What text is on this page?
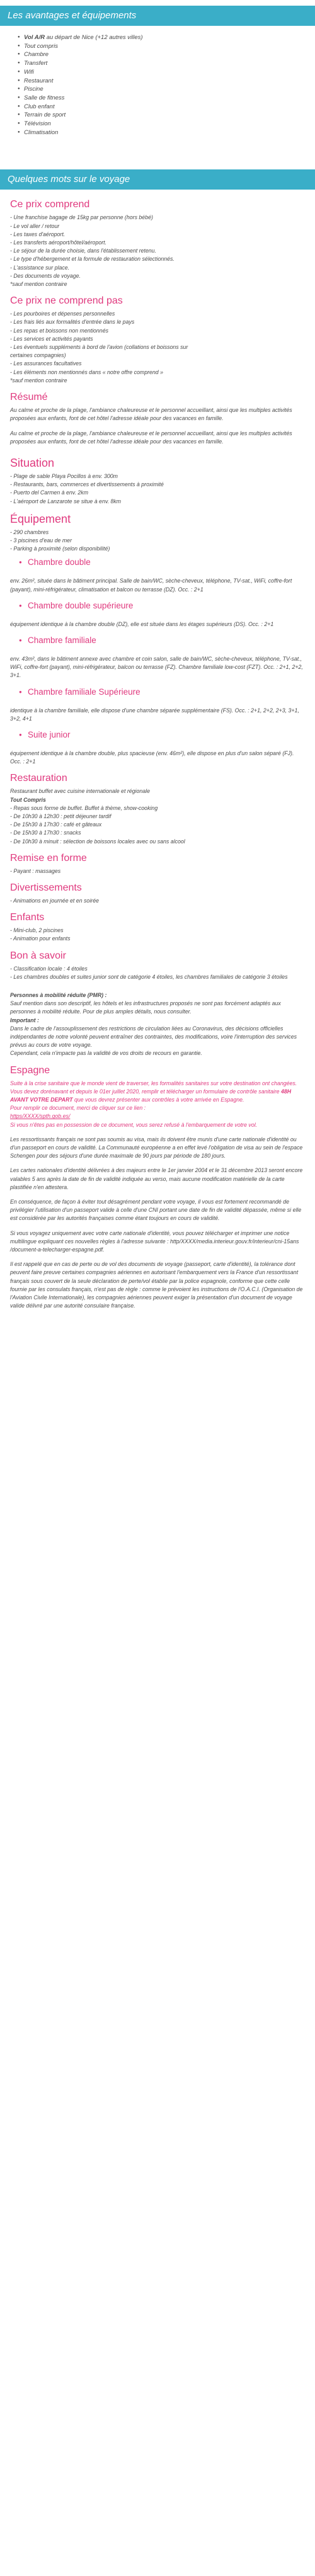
Les avantages et équipements
● Vol A/R au départ de Nice (+12 autres villes)
● Tout compris
● Chambre
● Transfert
● Wifi
● Restaurant
● Piscine
● Salle de fitness
● Club enfant
● Terrain de sport
● Télévision
● Climatisation
Quelques mots sur le voyage
Ce prix comprend
- Une franchise bagage de 15kg par personne (hors bébé)
- Le vol aller / retour
- Les taxes d'aéroport.
- Les transferts aéroport/hôtel/aéroport.
- Le séjour de la durée choisie, dans l'établissement retenu.
- Le type d'hébergement et la formule de restauration sélectionnés.
- L'assistance sur place.
- Des documents de voyage.
*sauf mention contraire
Ce prix ne comprend pas
- Les pourboires et dépenses personnelles
- Les frais liés aux formalités d'entrée dans le pays
- Les repas et boissons non mentionnés
- Les services et activités payants
- Les éventuels suppléments à bord de l'avion (collations et boissons sur
certaines compagnies)
- Les assurances facultatives
- Les éléments non mentionnés dans « notre offre comprend »
*sauf mention contraire
Résumé
Au calme et proche de la plage, l'ambiance chaleureuse et le personnel accueillant, ainsi que les multiples activités proposées aux enfants, font de cet hôtel l'adresse idéale pour des vacances en famille.
Au calme et proche de la plage, l'ambiance chaleureuse et le personnel accueillant, ainsi que les multiples activités proposées aux enfants, font de cet hôtel l'adresse idéale pour des vacances en famille.
Situation
- Plage de sable Playa Pocillos à env. 300m
- Restaurants, bars, commerces et divertissements à proximité
- Puerto del Carmen à env. 2km
- L'aéroport de Lanzarote se situe à env. 8km
Équipement
- 290 chambres
- 3 piscines d'eau de mer
- Parking à proximité (selon disponibilité)
● Chambre double
env. 26m², située dans le bâtiment principal. Salle de bain/WC, sèche-cheveux, téléphone, TV-sat., WiFi, coffre-fort (payant), mini-réfrigérateur, climatisation et balcon ou terrasse (DZ). Occ. : 2+1
● Chambre double supérieure
équipement identique à la chambre double (DZ), elle est située dans les étages supérieurs (DS). Occ. : 2+1
● Chambre familiale
env. 43m², dans le bâtiment annexe avec chambre et coin salon, salle de bain/WC, sèche-cheveux, téléphone, TV-sat., WiFi, coffre-fort (payant), mini-réfrigérateur, balcon ou terrasse (FZ). Chambre familiale low-cost (FZT). Occ. : 2+1, 2+2, 3+1.
● Chambre familiale Supérieure
identique à la chambre familiale, elle dispose d'une chambre séparée supplémentaire (FS). Occ. : 2+1, 2+2, 2+3, 3+1, 3+2, 4+1
● Suite junior
équipement identique à la chambre double, plus spacieuse (env. 46m²), elle dispose en plus d'un salon séparé (FJ). Occ. : 2+1
Restauration
Restaurant buffet avec cuisine internationale et régionale
Tout Compris
- Repas sous forme de buffet. Buffet à thème, show-cooking
- De 10h30 à 12h30 : petit déjeuner tardif
- De 15h30 à 17h30 : café et gâteaux
- De 15h30 à 17h30 : snacks
- De 10h30 à minuit : sélection de boissons locales avec ou sans alcool
Remise en forme
- Payant : massages
Divertissements
- Animations en journée et en soirée
Enfants
- Mini-club, 2 piscines
- Animation pour enfants
Bon à savoir
- Classification locale : 4 étoiles
- Les chambres doubles et suites junior sont de catégorie 4 étoiles, les chambres familiales de catégorie 3 étoiles
Personnes à mobilité réduite (PMR) :
Sauf mention dans son descriptif, les hôtels et les infrastructures proposés ne sont pas forcément adaptés aux personnes à mobilité réduite. Pour de plus amples détails, nous consulter.
Important :
Dans le cadre de l'assouplissement des restrictions de circulation liées au Coronavirus, des décisions officielles indépendantes de notre volonté peuvent entraîner des contraintes, des modifications, voire l'interruption des services prévus au cours de votre voyage.
Cependant, cela n'impacte pas la validité de vos droits de recours en garantie.
Espagne
Suite à la crise sanitaire que le monde vient de traverser, les formalités sanitaires sur votre destination ont changées.
Vous devez dorénavant et depuis le 01er juillet 2020, remplir et télécharger un formulaire de contrôle sanitaire 48H AVANT VOTRE DEPART que vous devrez présenter aux contrôles à votre arrivée en Espagne.
Pour remplir ce document, merci de cliquer sur ce lien :
https/XXXX/spth.gob.es/
Si vous n'êtes pas en possession de ce document, vous serez refusé à l'embarquement de votre vol.
Les ressortissants français ne sont pas soumis au visa, mais ils doivent être munis d'une carte nationale d'identité ou d'un passeport en cours de validité. La Communauté européenne a en effet levé l'obligation de visa au sein de l'espace Schengen pour des séjours d'une durée maximale de 90 jours par période de 180 jours.
Les cartes nationales d'identité délivrées à des majeurs entre le 1er janvier 2004 et le 31 décembre 2013 seront encore valables 5 ans après la date de fin de validité indiquée au verso, mais aucune modification matérielle de la carte plastifiée n'en attestera.
En conséquence, de façon à éviter tout désagrément pendant votre voyage, il vous est fortement recommandé de privilégier l'utilisation d'un passeport valide à celle d'une CNI portant une date de fin de validité dépassée, même si elle est considérée par les autorités françaises comme étant toujours en cours de validité.
Si vous voyagez uniquement avec votre carte nationale d'identité, vous pouvez télécharger et imprimer une notice multilingue expliquant ces nouvelles règles à l'adresse suivante : http/XXXX/media.interieur.gouv.fr/interieur/cni-15ans /document-a-telecharger-espagne.pdf.
Il est rappelé que en cas de perte ou de vol des documents de voyage (passeport, carte d'identité), la tolérance dont peuvent faire preuve certaines compagnies aériennes en autorisant l'embarquement vers la France d'un ressortissant français sous couvert de la seule déclaration de perte/vol établie par la police espagnole, conforme que cette celle fournie par les consulats français, n'est pas de règle : comme le prévoient les instructions de l'O.A.C.I. (Organisation de l'Aviation Civile Internationale), les compagnies aériennes peuvent exiger la présentation d'un document de voyage valide délivré par une autorité consulaire française.
